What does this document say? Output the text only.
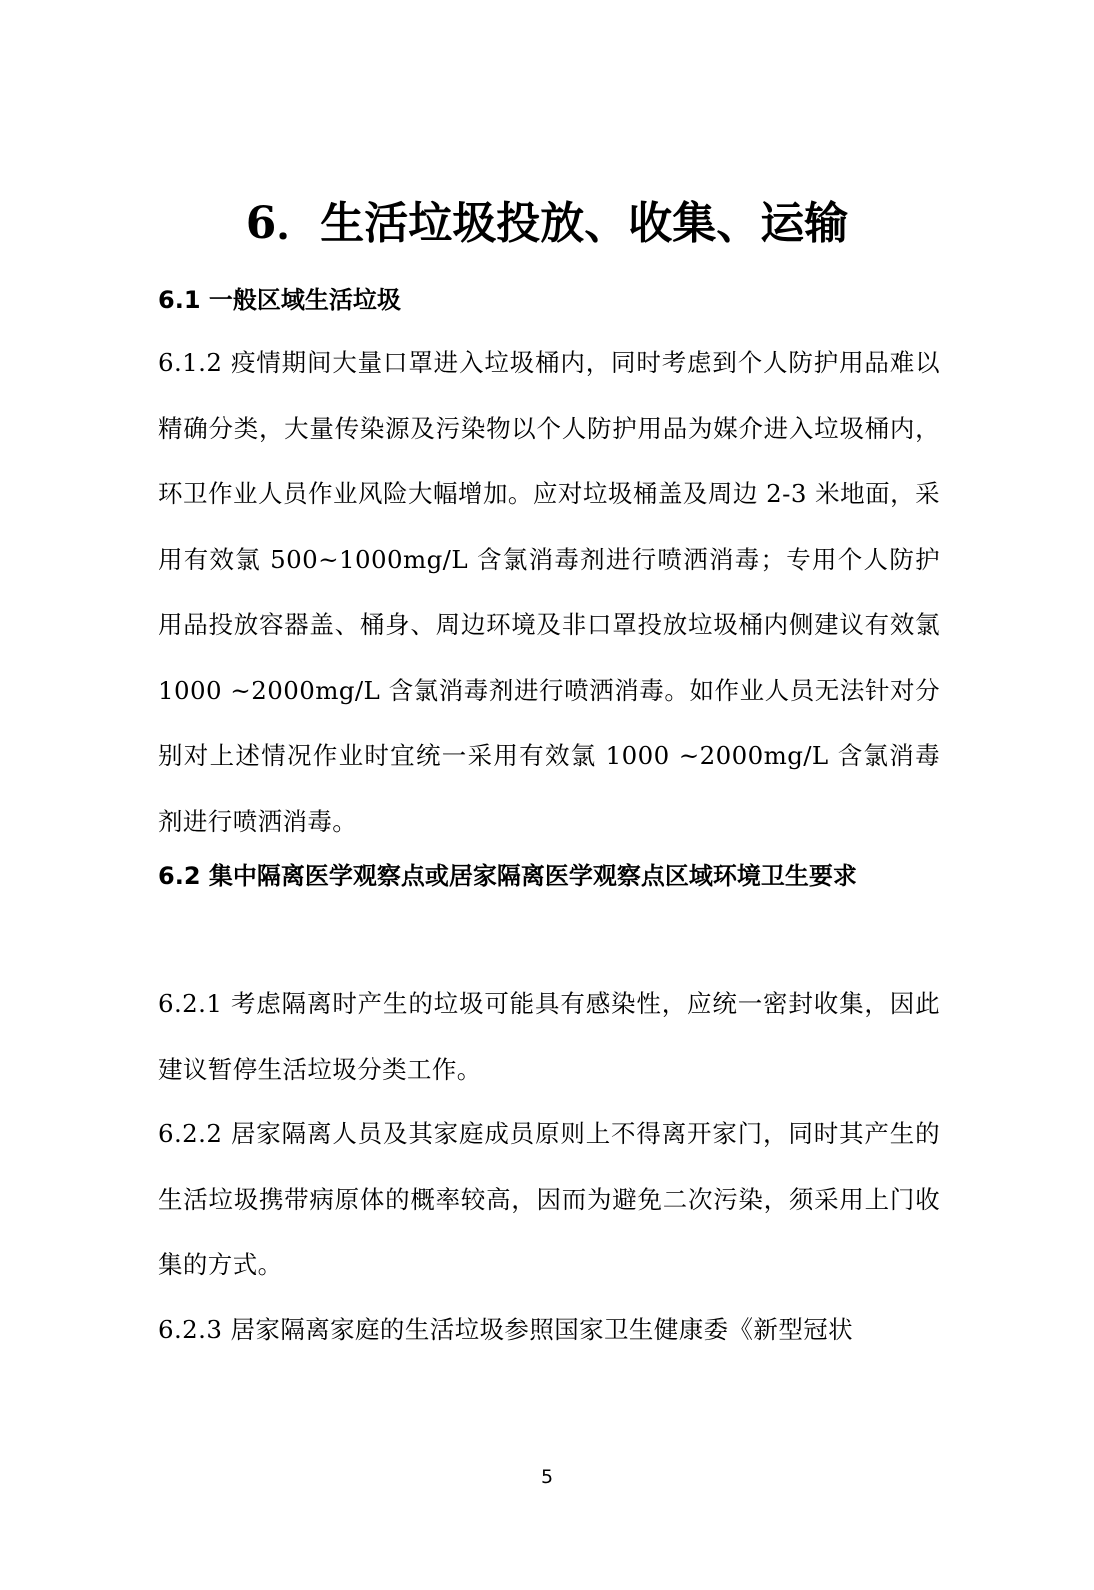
6．生活垃圾投放、收集、运输
6.1 一般区域生活垃圾

6.1.2 疫情期间大量口罩进入垃圾桶内，同时考虑到个人防护用品难以精确分类，大量传染源及污染物以个人防护用品为媒介进入垃圾桶内，环卫作业人员作业风险大幅增加。应对垃圾桶盖及周边 2-3 米地面，采用有效氯 500~1000mg/L 含氯消毒剂进行喷洒消毒；专用个人防护用品投放容器盖、桶身、周边环境及非口罩投放垃圾桶内侧建议有效氯 1000 ~2000mg/L 含氯消毒剂进行喷洒消毒。如作业人员无法针对分别对上述情况作业时宜统一采用有效氯 1000 ~2000mg/L 含氯消毒剂进行喷洒消毒。

6.2 集中隔离医学观察点或居家隔离医学观察点区域环境卫生要求

6.2.1 考虑隔离时产生的垃圾可能具有感染性，应统一密封收集，因此建议暂停生活垃圾分类工作。

6.2.2 居家隔离人员及其家庭成员原则上不得离开家门，同时其产生的生活垃圾携带病原体的概率较高，因而为避免二次污染，须采用上门收集的方式。

6.2.3 居家隔离家庭的生活垃圾参照国家卫生健康委《新型冠状

5
